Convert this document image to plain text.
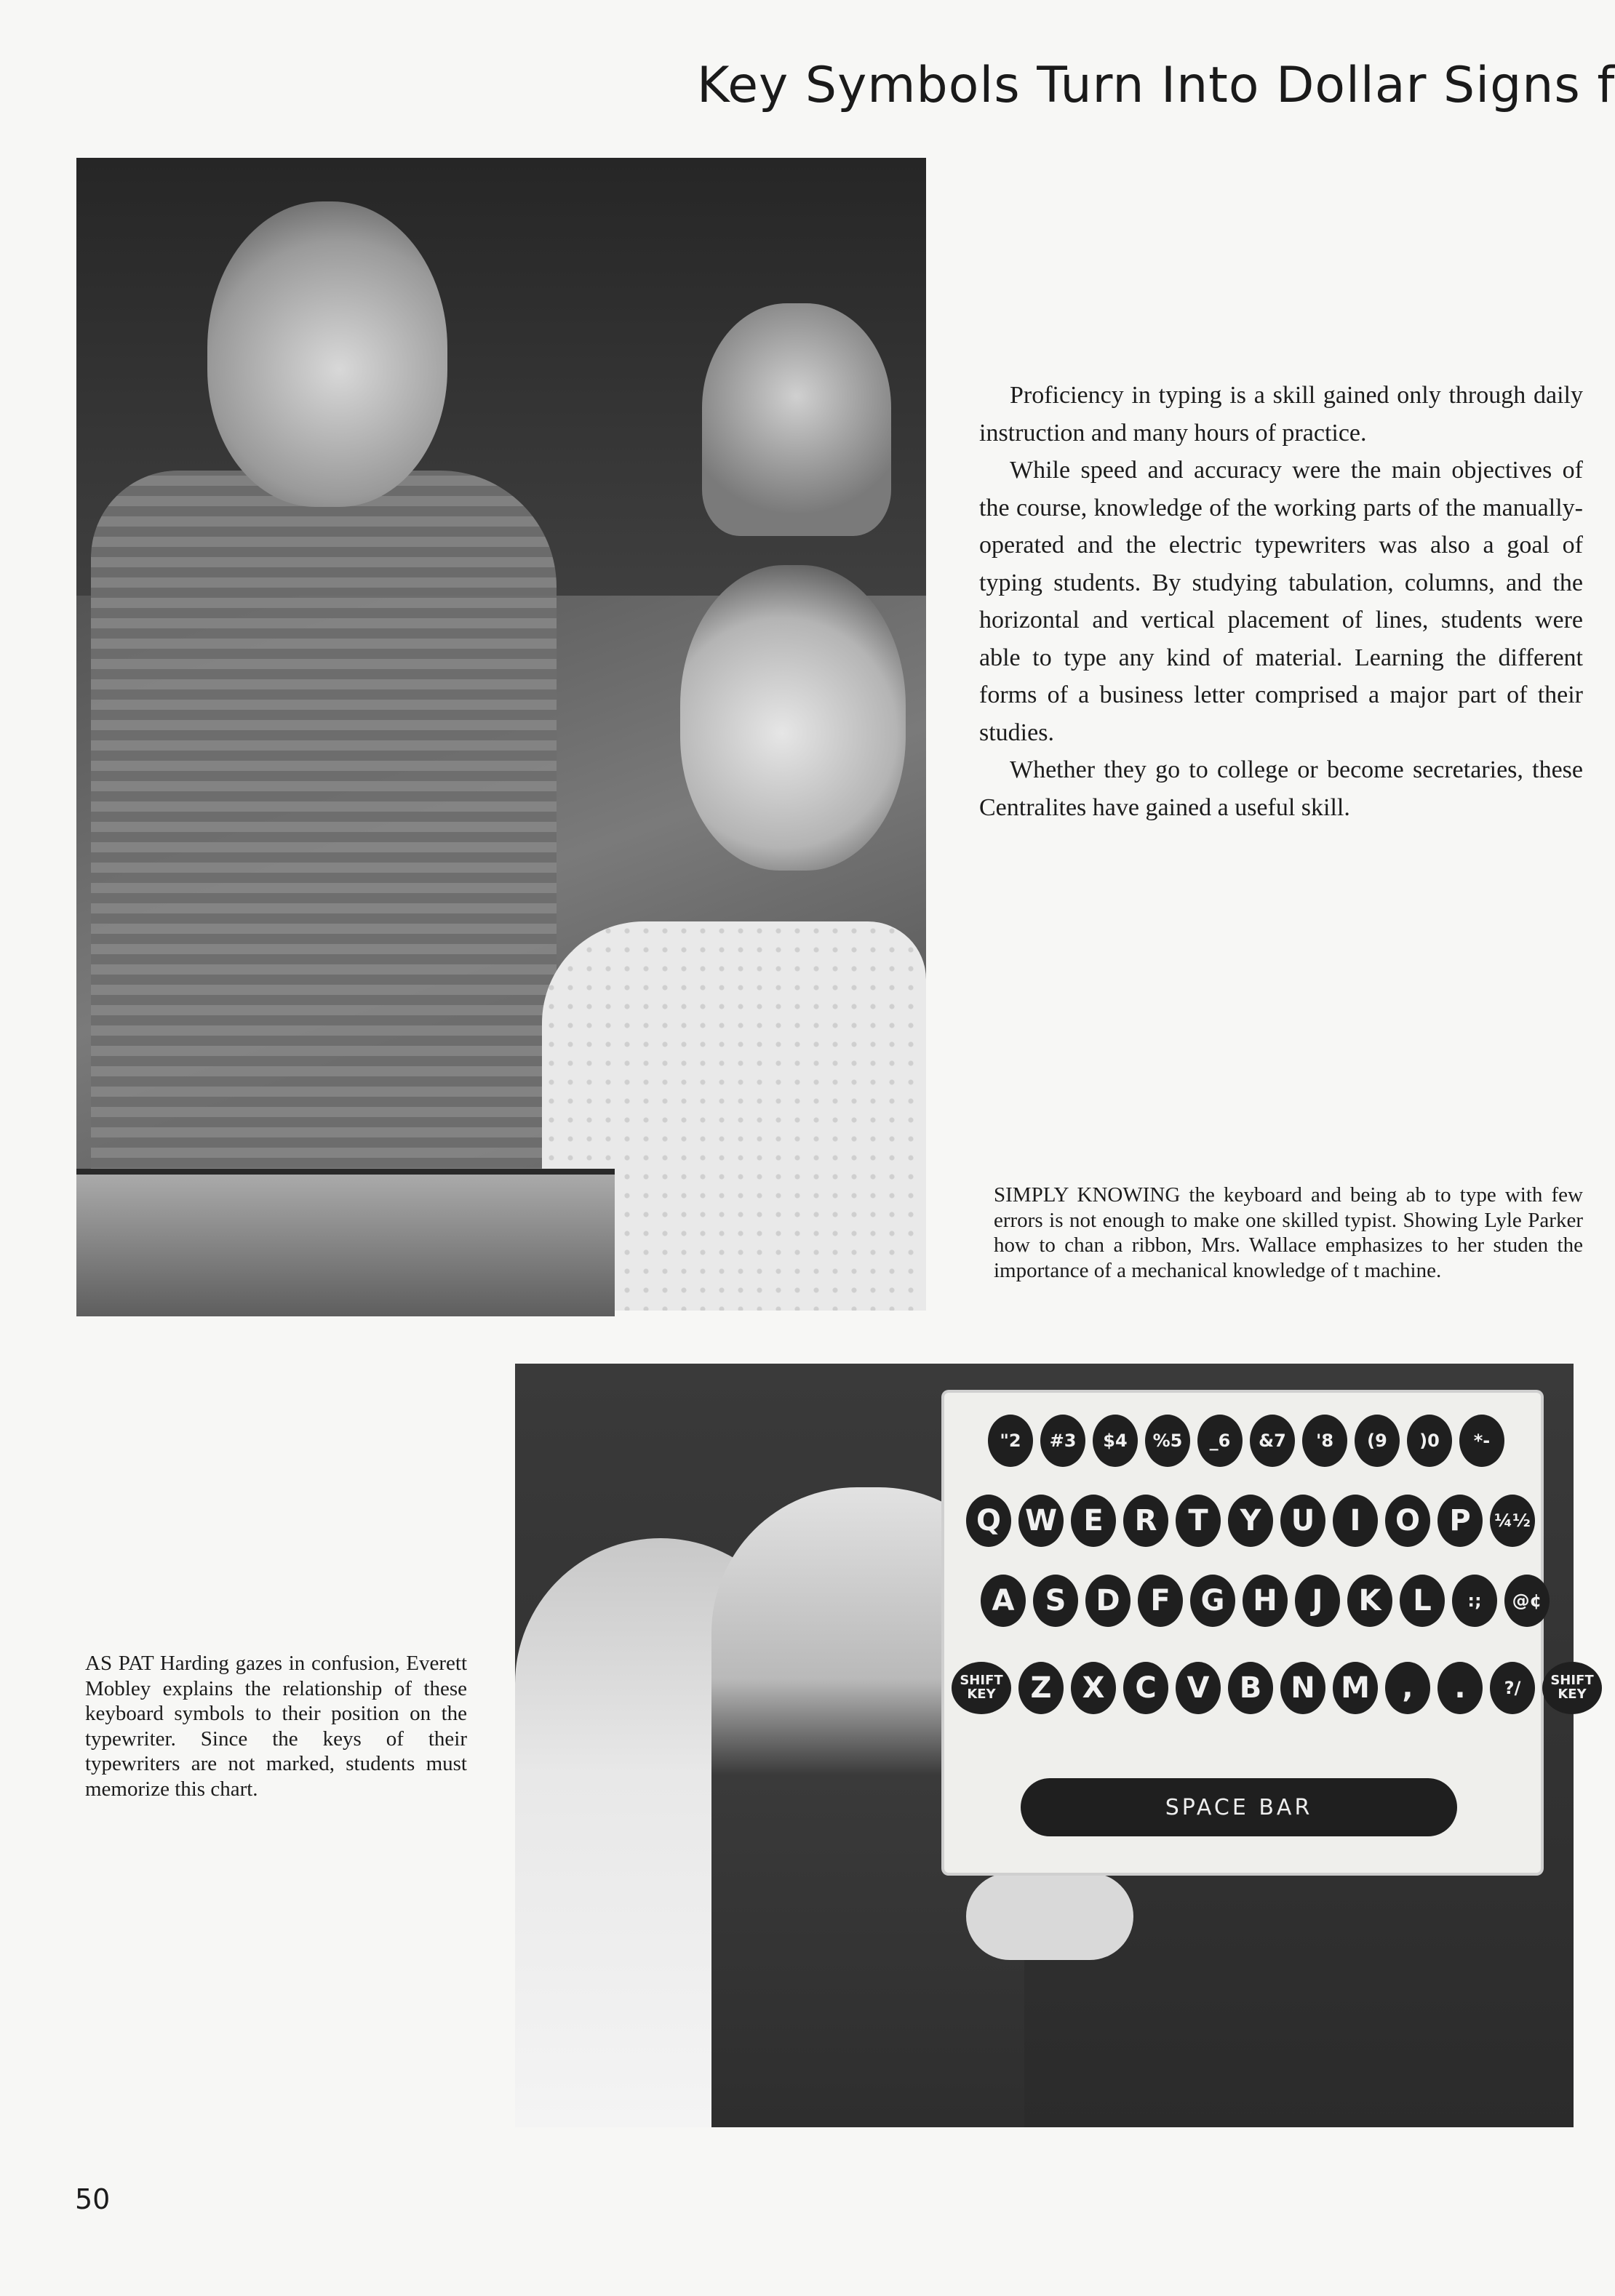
Key Symbols Turn Into Dollar Signs f

Proficiency in typing is a skill gained only through daily instruction and many hours of practice.

While speed and accuracy were the main objectives of the course, knowledge of the working parts of the manually-operated and the electric typewriters was also a goal of typing students. By studying tabulation, columns, and the horizontal and vertical placement of lines, students were able to type any kind of material. Learning the different forms of a business letter comprised a major part of their studies.

Whether they go to college or become secretaries, these Centralites have gained a useful skill.

SIMPLY KNOWING the keyboard and being ab to type with few errors is not enough to make one skilled typist. Showing Lyle Parker how to chan a ribbon, Mrs. Wallace emphasizes to her studen the importance of a mechanical knowledge of t machine.
"2	#3	$4	%5	_6	&7	'8	(9	)0	*-
Q W E	R	T	Y	U	I	O	P	¼½
A	S	D	F	G H	J	K	L	:;	@¢
SHIFT KEY	Z	X	C	V	B	N M	,	.	?/	SHIFT KEY
SPACE BAR
AS PAT Harding gazes in confusion, Everett Mobley explains the relationship of these keyboard symbols to their position on the typewriter. Since the keys of their typewriters are not marked, students must memorize this chart.
50
